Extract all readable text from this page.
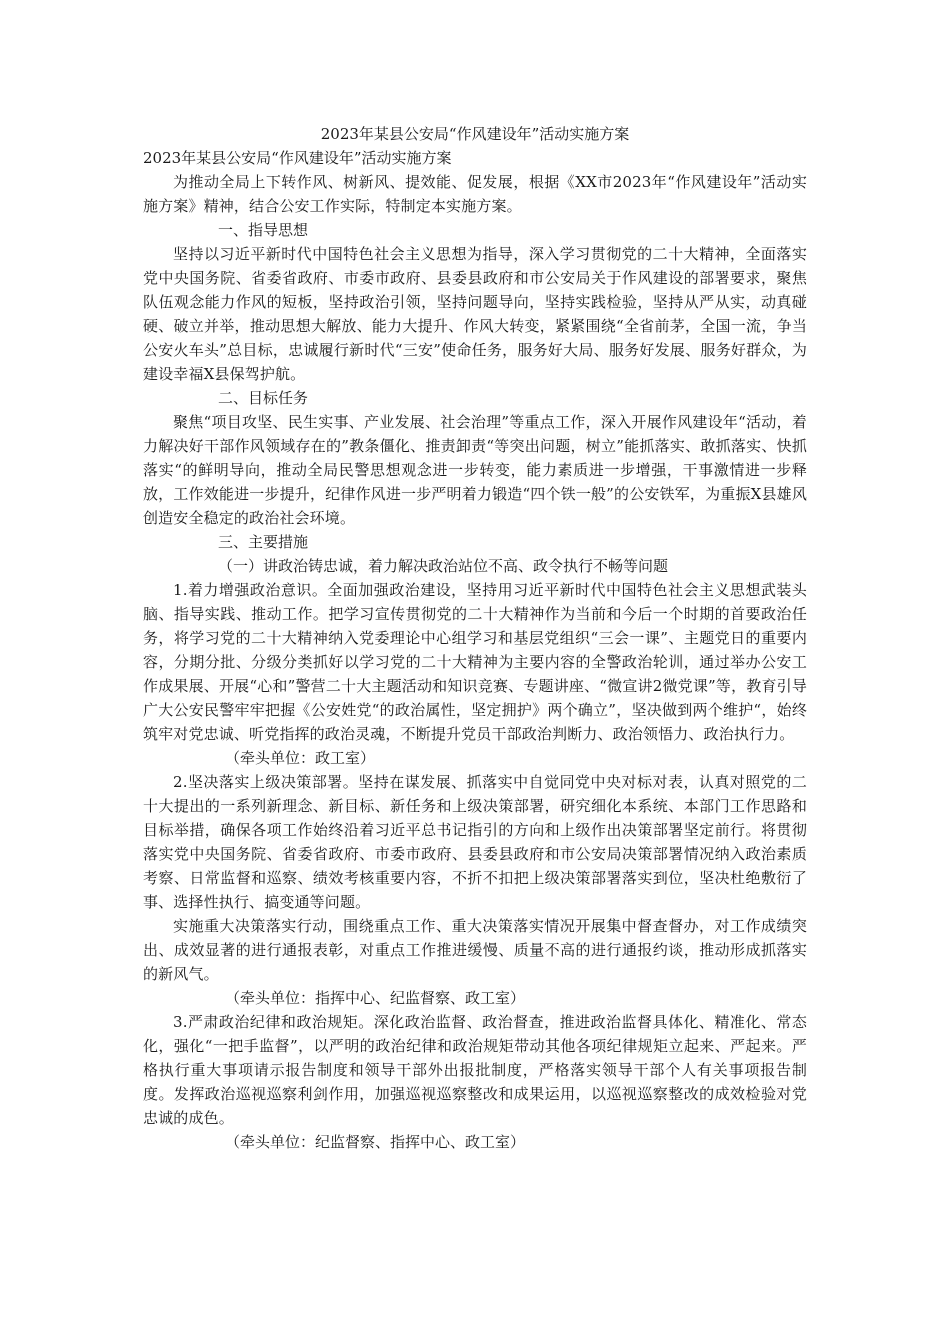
2023年某县公安局“作风建设年”活动实施方案

2023年某县公安局“作风建设年”活动实施方案

为推动全局上下转作风、树新风、提效能、促发展，根据《XX市2023年“作风建设年”活动实施方案》精神，结合公安工作实际，特制定本实施方案。

一、指导思想

坚持以习近平新时代中国特色社会主义思想为指导，深入学习贯彻党的二十大精神，全面落实党中央国务院、省委省政府、市委市政府、县委县政府和市公安局关于作风建设的部署要求，聚焦队伍观念能力作风的短板，坚持政治引领，坚持问题导向，坚持实践检验，坚持从严从实，动真碰硬、破立并举，推动思想大解放、能力大提升、作风大转变，紧紧围绕“全省前茅，全国一流，争当公安火车头”总目标，忠诚履行新时代“三安”使命任务，服务好大局、服务好发展、服务好群众，为建设幸福X县保驾护航。

二、目标任务

聚焦“项目攻坚、民生实事、产业发展、社会治理”等重点工作，深入开展作风建设年“活动，着力解决好干部作风领域存在的”教条僵化、推责卸责“等突出问题，树立”能抓落实、敢抓落实、快抓落实“的鲜明导向，推动全局民警思想观念进一步转变，能力素质进一步增强，干事激情进一步释放，工作效能进一步提升，纪律作风进一步严明着力锻造“四个铁一般”的公安铁军，为重振X县雄风创造安全稳定的政治社会环境。

三、主要措施

（一）讲政治铸忠诚，着力解决政治站位不高、政令执行不畅等问题

1.着力增强政治意识。全面加强政治建设，坚持用习近平新时代中国特色社会主义思想武装头脑、指导实践、推动工作。把学习宣传贯彻党的二十大精神作为当前和今后一个时期的首要政治任务，将学习党的二十大精神纳入党委理论中心组学习和基层党组织“三会一课”、主题党日的重要内容，分期分批、分级分类抓好以学习党的二十大精神为主要内容的全警政治轮训，通过举办公安工作成果展、开展“心和”警营二十大主题活动和知识竞赛、专题讲座、“微宣讲2微党课”等，教育引导广大公安民警牢牢把握《公安姓党“的政治属性，坚定拥护》两个确立”，坚决做到两个维护“，始终筑牢对党忠诚、听党指挥的政治灵魂，不断提升党员干部政治判断力、政治领悟力、政治执行力。

（牵头单位：政工室）

2.坚决落实上级决策部署。坚持在谋发展、抓落实中自觉同党中央对标对表，认真对照党的二十大提出的一系列新理念、新目标、新任务和上级决策部署，研究细化本系统、本部门工作思路和目标举措，确保各项工作始终沿着习近平总书记指引的方向和上级作出决策部署坚定前行。将贯彻落实党中央国务院、省委省政府、市委市政府、县委县政府和市公安局决策部署情况纳入政治素质考察、日常监督和巡察、绩效考核重要内容，不折不扣把上级决策部署落实到位，坚决杜绝敷衍了事、选择性执行、搞变通等问题。

实施重大决策落实行动，围绕重点工作、重大决策落实情况开展集中督查督办，对工作成绩突出、成效显著的进行通报表彰，对重点工作推进缓慢、质量不高的进行通报约谈，推动形成抓落实的新风气。

（牵头单位：指挥中心、纪监督察、政工室）

3.严肃政治纪律和政治规矩。深化政治监督、政治督查，推进政治监督具体化、精准化、常态化，强化“一把手监督”，以严明的政治纪律和政治规矩带动其他各项纪律规矩立起来、严起来。严格执行重大事项请示报告制度和领导干部外出报批制度，严格落实领导干部个人有关事项报告制度。发挥政治巡视巡察利剑作用，加强巡视巡察整改和成果运用，以巡视巡察整改的成效检验对党忠诚的成色。

（牵头单位：纪监督察、指挥中心、政工室）
